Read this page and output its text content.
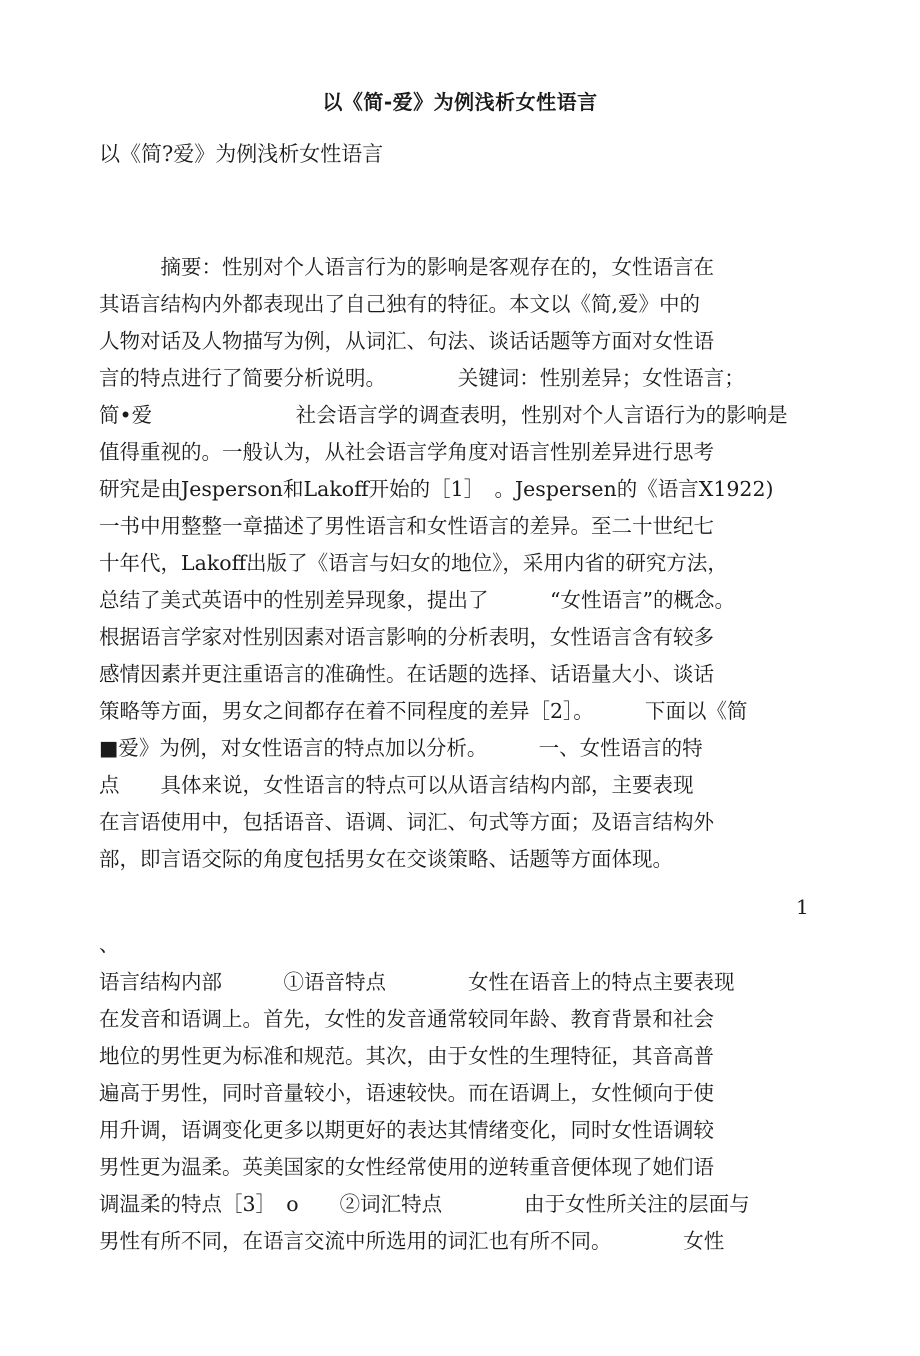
以《简-爱》为例浅析女性语言
以《简?爱》为例浅析女性语言
　　　摘要：性别对个人语言行为的影响是客观存在的，女性语言在
其语言结构内外都表现出了自己独有的特征。本文以《简,爱》中的
人物对话及人物描写为例，从词汇、句法、谈话话题等方面对女性语
言的特点进行了简要分析说明。　　　　关键词：性别差异；女性语言；
简•爱　　　　　　　社会语言学的调查表明，性别对个人言语行为的影响是
值得重视的。一般认为，从社会语言学角度对语言性别差异进行思考
研究是由Jesperson和Lakoff开始的［1］　。Jespersen的《语言X1922)
一书中用整整一章描述了男性语言和女性语言的差异。至二十世纪七
十年代，Lakoff出版了《语言与妇女的地位》，采用内省的研究方法，
总结了美式英语中的性别差异现象，提出了　　　“女性语言”的概念。
根据语言学家对性别因素对语言影响的分析表明，女性语言含有较多
感情因素并更注重语言的准确性。在话题的选择、话语量大小、谈话
策略等方面，男女之间都存在着不同程度的差异［2］。　　　下面以《简
■爱》为例，对女性语言的特点加以分析。　　　一、女性语言的特
点　　具体来说，女性语言的特点可以从语言结构内部，主要表现
在言语使用中，包括语音、语调、词汇、句式等方面；及语言结构外
部，即言语交际的角度包括男女在交谈策略、话题等方面体现。
1
、
语言结构内部　　　①语音特点　　　　女性在语音上的特点主要表现
在发音和语调上。首先，女性的发音通常较同年龄、教育背景和社会
地位的男性更为标准和规范。其次，由于女性的生理特征，其音高普
遍高于男性，同时音量较小，语速较快。而在语调上，女性倾向于使
用升调，语调变化更多以期更好的表达其情绪变化，同时女性语调较
男性更为温柔。英美国家的女性经常使用的逆转重音便体现了她们语
调温柔的特点［3］　o　　②词汇特点　　　　由于女性所关注的层面与
男性有所不同，在语言交流中所选用的词汇也有所不同。　　　　女性
